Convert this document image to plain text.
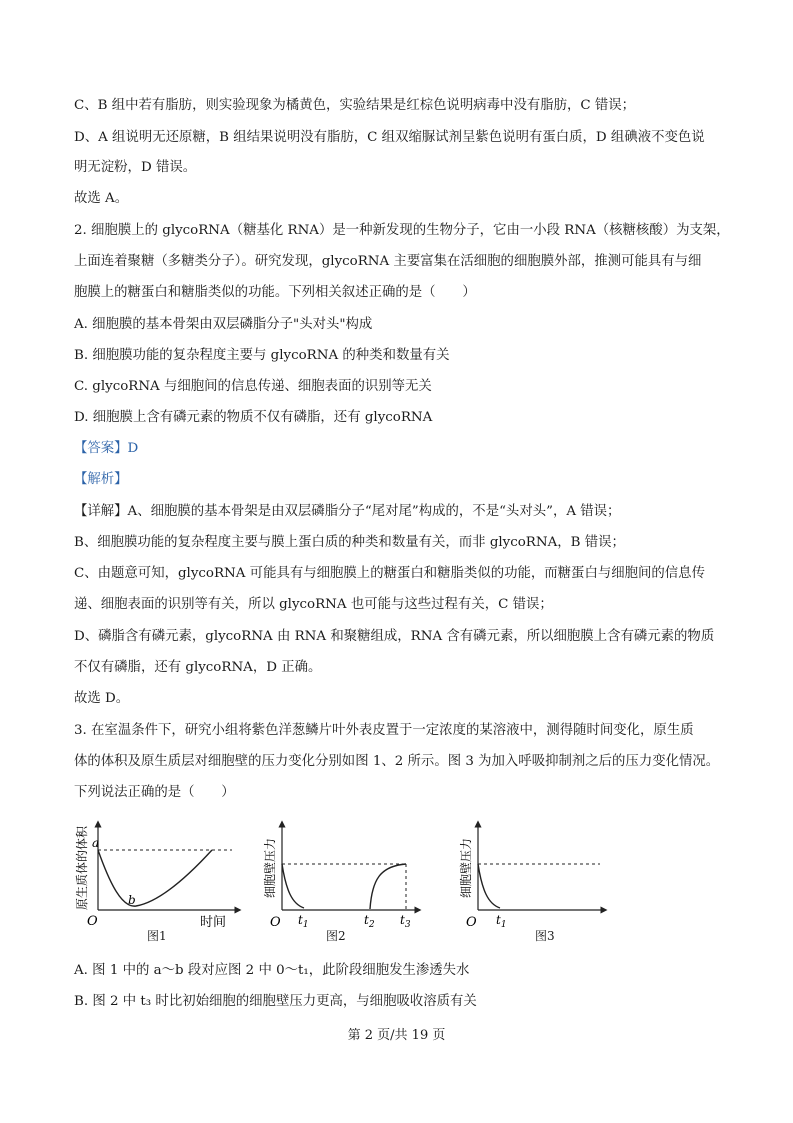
C、B 组中若有脂肪，则实验现象为橘黄色，实验结果是红棕色说明病毒中没有脂肪，C 错误；
D、A 组说明无还原糖，B 组结果说明没有脂肪，C 组双缩脲试剂呈紫色说明有蛋白质，D 组碘液不变色说
明无淀粉，D 错误。
故选 A。
2. 细胞膜上的 glycoRNA（糖基化 RNA）是一种新发现的生物分子，它由一小段 RNA（核糖核酸）为支架，
上面连着聚糖（多糖类分子）。研究发现，glycoRNA 主要富集在活细胞的细胞膜外部，推测可能具有与细
胞膜上的糖蛋白和糖脂类似的功能。下列相关叙述正确的是（　　）
A. 细胞膜的基本骨架由双层磷脂分子"头对头"构成
B. 细胞膜功能的复杂程度主要与 glycoRNA 的种类和数量有关
C. glycoRNA 与细胞间的信息传递、细胞表面的识别等无关
D. 细胞膜上含有磷元素的物质不仅有磷脂，还有 glycoRNA
【答案】D
【解析】
【详解】A、细胞膜的基本骨架是由双层磷脂分子“尾对尾”构成的，不是“头对头”，A 错误；
B、细胞膜功能的复杂程度主要与膜上蛋白质的种类和数量有关，而非 glycoRNA，B 错误；
C、由题意可知，glycoRNA 可能具有与细胞膜上的糖蛋白和糖脂类似的功能，而糖蛋白与细胞间的信息传
递、细胞表面的识别等有关，所以 glycoRNA 也可能与这些过程有关，C 错误；
D、磷脂含有磷元素，glycoRNA 由 RNA 和聚糖组成，RNA 含有磷元素，所以细胞膜上含有磷元素的物质
不仅有磷脂，还有 glycoRNA，D 正确。
故选 D。
3. 在室温条件下，研究小组将紫色洋葱鳞片叶外表皮置于一定浓度的某溶液中，测得随时间变化，原生质
体的体积及原生质层对细胞壁的压力变化分别如图 1、2 所示。图 3 为加入呼吸抑制剂之后的压力变化情况。
下列说法正确的是（　　）
a
b
O	时间
原生质体的体积
图1
O $t_1$	$t_2$ $t_3$
细胞壁压力
图2
O $t_1$
细胞壁压力
图3
A. 图 1 中的 a～b 段对应图 2 中 0～t₁，此阶段细胞发生渗透失水
B. 图 2 中 t₃ 时比初始细胞的细胞壁压力更高，与细胞吸收溶质有关
第 2 页/共 19 页
